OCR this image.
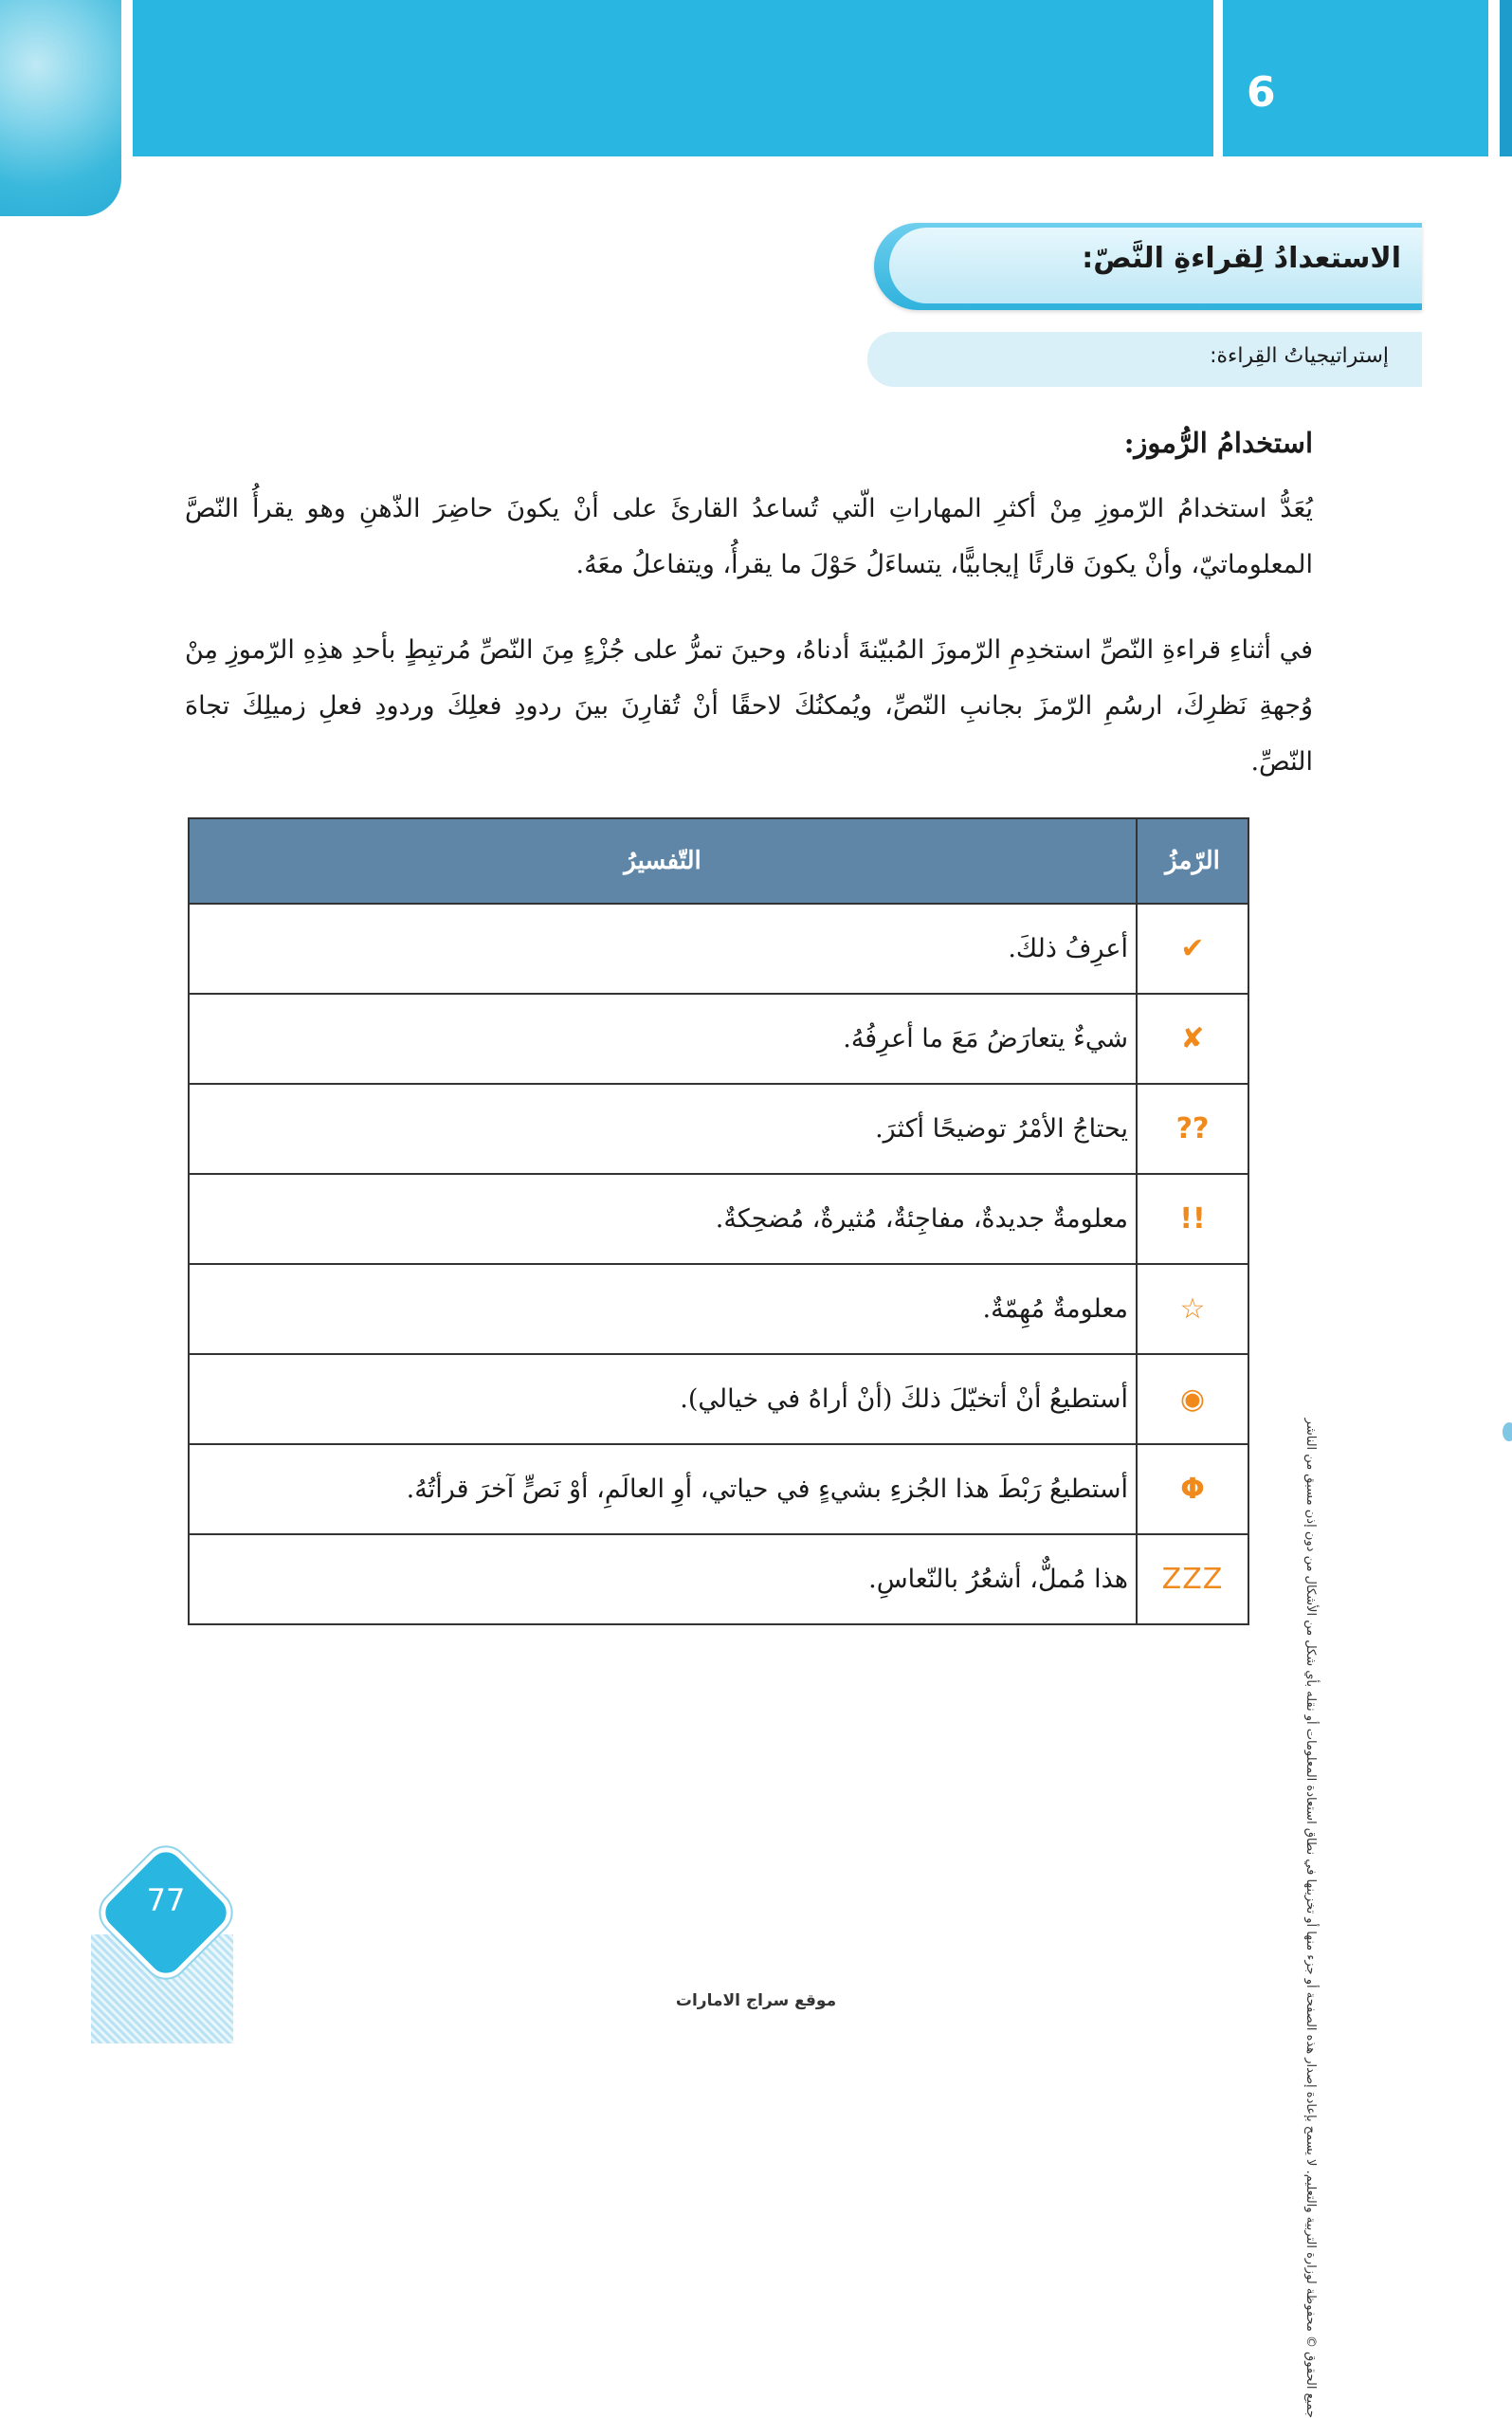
6
الاستعدادُ لِقراءةِ النَّصّ:
إستراتيجياتُ القِراءة:
استخدامُ الرُّموز:
يُعَدُّ استخدامُ الرّموزِ مِنْ أكثرِ المهاراتِ الّتي تُساعدُ القارئَ على أنْ يكونَ حاضِرَ الذّهنِ وهو يقرأُ النّصَّ المعلوماتيّ، وأنْ يكونَ قارئًا إيجابيًّا، يتساءَلُ حَوْلَ ما يقرأُ، ويتفاعلُ معَهُ.
في أثناءِ قراءةِ النّصِّ استخدِمِ الرّموزَ المُبيّنةَ أدناهُ، وحينَ تمرُّ على جُزْءٍ مِنَ النّصِّ مُرتبِطٍ بأحدِ هذِهِ الرّموزِ مِنْ وُجهةِ نَظرِكَ، ارسُمِ الرّمزَ بجانبِ النّصِّ، ويُمكنُكَ لاحقًا أنْ تُقارِنَ بينَ ردودِ فعلِكَ وردودِ فعلِ زميلِكَ تجاهَ النّصِّ.
الرّمزُ	التّفسيرُ
✔	أعرِفُ ذلكَ.
✘	شيءٌ يتعارَضُ مَعَ ما أعرِفُهُ.
??	يحتاجُ الأمْرُ توضيحًا أكثرَ.
!!	معلومةٌ جديدةٌ، مفاجِئةٌ، مُثيرةٌ، مُضحِكةٌ.
☆	معلومةٌ مُهِمّةٌ.
◉	أستطيعُ أنْ أتخيّلَ ذلكَ (أنْ أراهُ في خيالي).
Φ	أستطيعُ رَبْطَ هذا الجُزءِ بشيءٍ في حياتي، أوِ العالَمِ، أوْ نَصٍّ آخرَ قرأتُهُ.
ZZZ	هذا مُملٌّ، أشعُرُ بالنّعاسِ.	جميع الحقوق © محفوظة لوزارة التربية والتعليم. لا يسمح بإعادة إصدار هذه الصفحة أو جزء منها أو تخزينها في نطاق استعادة المعلومات أو نقله بأي شكل من الأشكال من دون إذن مسبق من الناشر
77
موقع سراج الامارات
